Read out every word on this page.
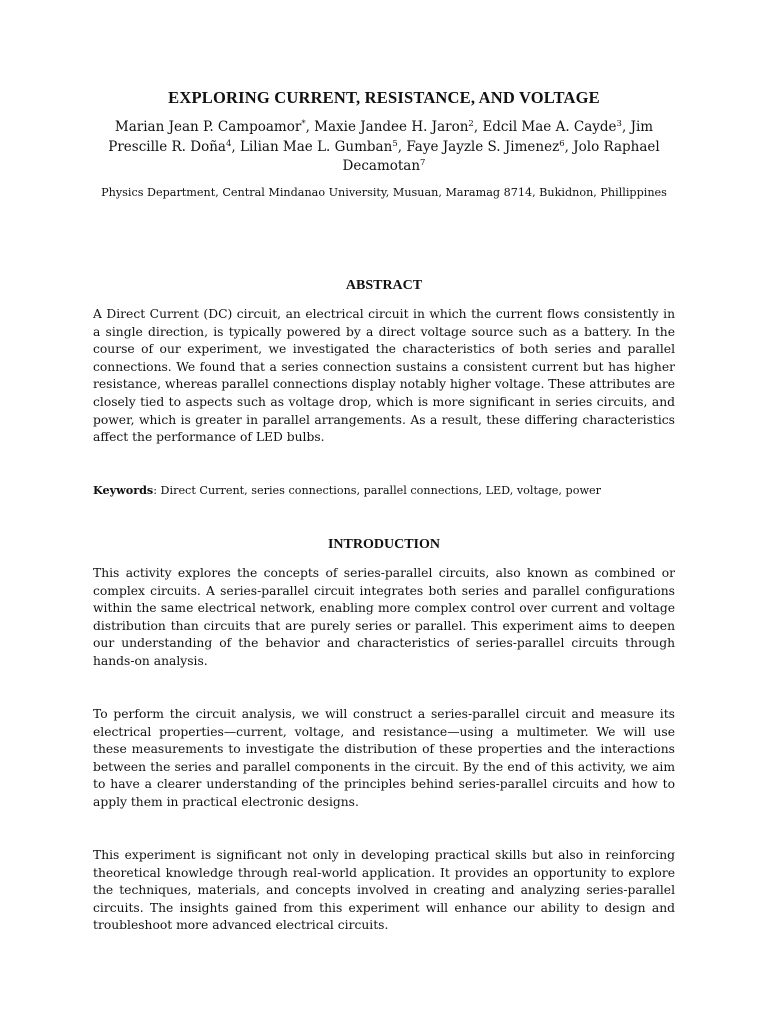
EXPLORING CURRENT, RESISTANCE, AND VOLTAGE
Marian Jean P. Campoamor*, Maxie Jandee H. Jaron$^2$, Edcil Mae A. Cayde$^3$, Jim Prescille R. Doña$^4$, Lilian Mae L. Gumban$^5$, Faye Jayzle S. Jimenez$^6$, Jolo Raphael Decamotan$^7$
Physics Department, Central Mindanao University, Musuan, Maramag 8714, Bukidnon, Phillippines
ABSTRACT

A Direct Current (DC) circuit, an electrical circuit in which the current flows consistently in a single direction, is typically powered by a direct voltage source such as a battery. In the course of our experiment, we investigated the characteristics of both series and parallel connections. We found that a series connection sustains a consistent current but has higher resistance, whereas parallel connections display notably higher voltage. These attributes are closely tied to aspects such as voltage drop, which is more significant in series circuits, and power, which is greater in parallel arrangements. As a result, these differing characteristics affect the performance of LED bulbs.

Keywords: Direct Current, series connections, parallel connections, LED, voltage, power
INTRODUCTION

This activity explores the concepts of series-parallel circuits, also known as combined or complex circuits. A series-parallel circuit integrates both series and parallel configurations within the same electrical network, enabling more complex control over current and voltage distribution than circuits that are purely series or parallel. This experiment aims to deepen our understanding of the behavior and characteristics of series-parallel circuits through hands-on analysis.

To perform the circuit analysis, we will construct a series-parallel circuit and measure its electrical properties—current, voltage, and resistance—using a multimeter. We will use these measurements to investigate the distribution of these properties and the interactions between the series and parallel components in the circuit. By the end of this activity, we aim to have a clearer understanding of the principles behind series-parallel circuits and how to apply them in practical electronic designs.

This experiment is significant not only in developing practical skills but also in reinforcing theoretical knowledge through real-world application. It provides an opportunity to explore the techniques, materials, and concepts involved in creating and analyzing series-parallel circuits. The insights gained from this experiment will enhance our ability to design and troubleshoot more advanced electrical circuits.
